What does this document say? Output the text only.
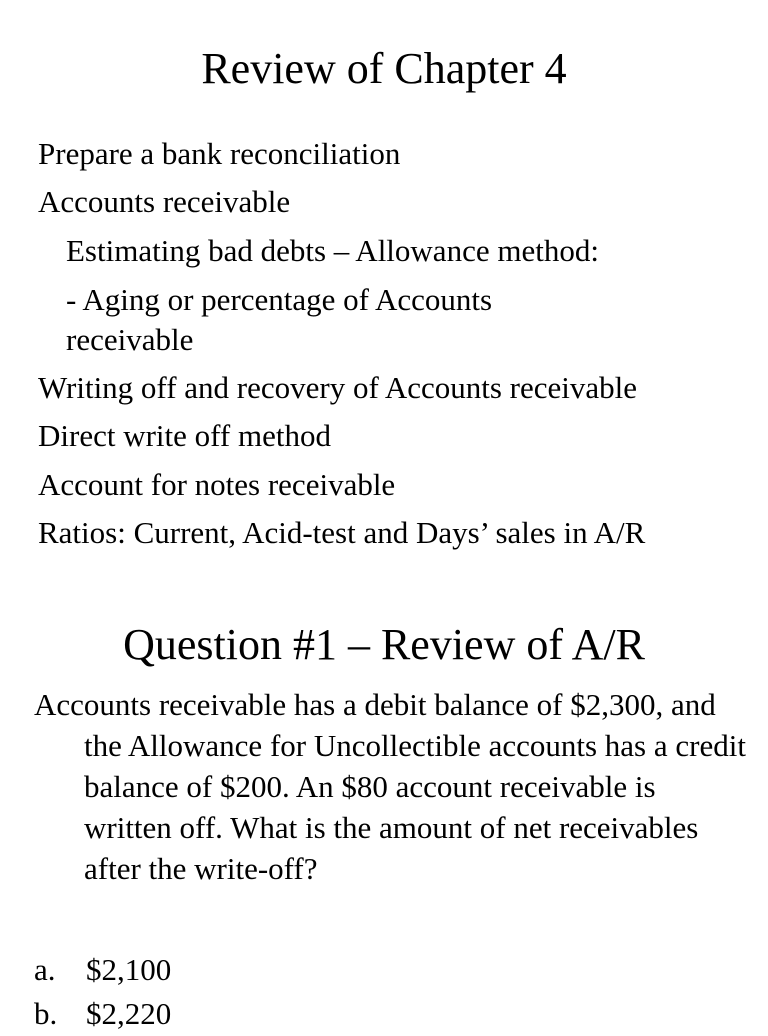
Review of Chapter 4
Prepare a bank reconciliation
Accounts receivable
Estimating bad debts – Allowance method:
- Aging or percentage of Accounts receivable
Writing off and recovery of Accounts receivable
Direct write off method
Account for notes receivable
Ratios: Current, Acid-test and Days’ sales in A/R
Question #1 – Review of A/R
Accounts receivable has a debit balance of $2,300, and the Allowance for Uncollectible accounts has a credit balance of $200. An $80 account receivable is written off. What is the amount of net receivables after the write-off?
a. $2,100
b. $2,220
